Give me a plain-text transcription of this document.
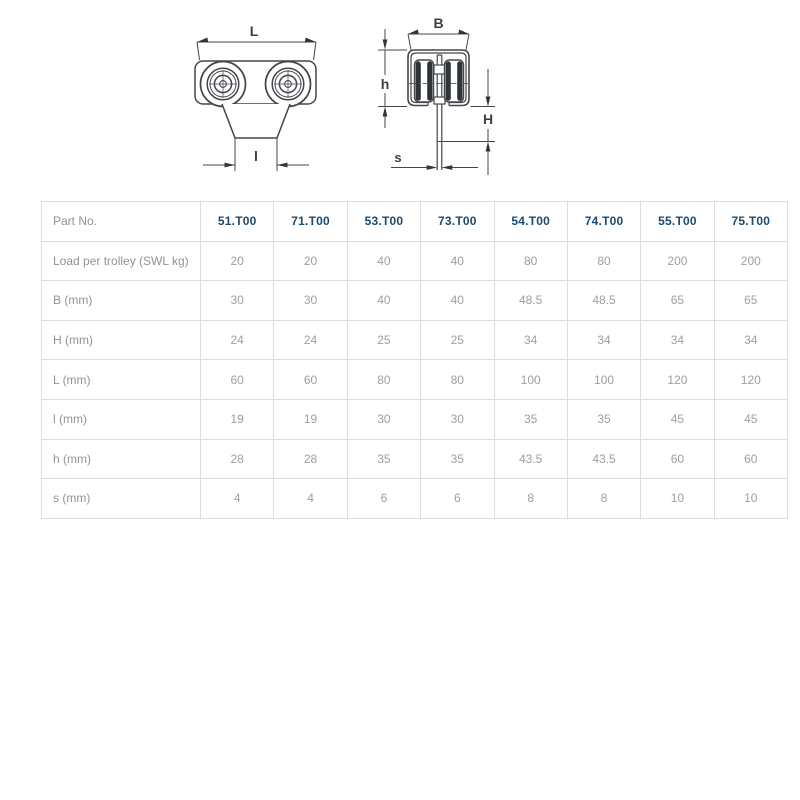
L
l
B
h
H
s
Part No.	51.T00	71.T00	53.T00	73.T00	54.T00	74.T00	55.T00	75.T00
Load per trolley (SWL kg)	20	20	40	40	80	80	200	200
B (mm)	30	30	40	40	48.5	48.5	65	65
H (mm)	24	24	25	25	34	34	34	34
L (mm)	60	60	80	80	100	100	120	120
l (mm)	19	19	30	30	35	35	45	45
h (mm)	28	28	35	35	43.5	43.5	60	60
s (mm)	4	4	6	6	8	8	10	10
